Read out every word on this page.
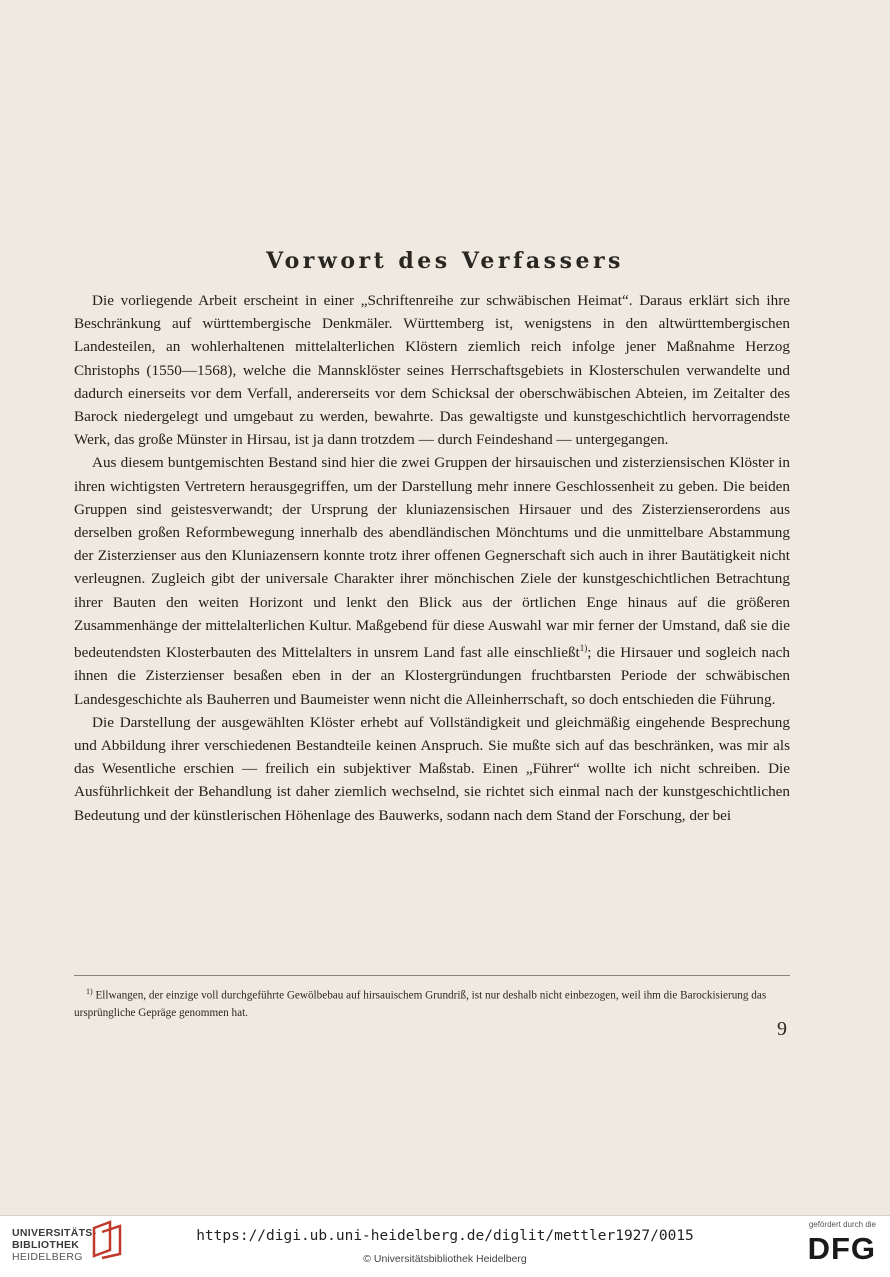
Vorwort des Verfassers

Die vorliegende Arbeit erscheint in einer „Schriftenreihe zur schwäbischen Heimat“. Daraus erklärt sich ihre Beschränkung auf württembergische Denkmäler. Württemberg ist, wenigstens in den altwürttembergischen Landesteilen, an wohlerhaltenen mittelalterlichen Klöstern ziemlich reich infolge jener Maßnahme Herzog Christophs (1550—1568), welche die Mannsklöster seines Herrschaftsgebiets in Klosterschulen verwandelte und dadurch einerseits vor dem Verfall, andererseits vor dem Schicksal der oberschwäbischen Abteien, im Zeitalter des Barock niedergelegt und umgebaut zu werden, bewahrte. Das gewaltigste und kunstgeschichtlich hervorragendste Werk, das große Münster in Hirsau, ist ja dann trotzdem — durch Feindeshand — untergegangen.

Aus diesem buntgemischten Bestand sind hier die zwei Gruppen der hirsauischen und zisterziensischen Klöster in ihren wichtigsten Vertretern herausgegriffen, um der Darstellung mehr innere Geschlossenheit zu geben. Die beiden Gruppen sind geistesverwandt; der Ursprung der kluniazensischen Hirsauer und des Zisterzienserordens aus derselben großen Reformbewegung innerhalb des abendländischen Mönchtums und die unmittelbare Abstammung der Zisterzienser aus den Kluniazensern konnte trotz ihrer offenen Gegnerschaft sich auch in ihrer Bautätigkeit nicht verleugnen. Zugleich gibt der universale Charakter ihrer mönchischen Ziele der kunstgeschichtlichen Betrachtung ihrer Bauten den weiten Horizont und lenkt den Blick aus der örtlichen Enge hinaus auf die größeren Zusammenhänge der mittelalterlichen Kultur. Maßgebend für diese Auswahl war mir ferner der Umstand, daß sie die bedeutendsten Klosterbauten des Mittelalters in unsrem Land fast alle einschließt$^{1)}$; die Hirsauer und sogleich nach ihnen die Zisterzienser besaßen eben in der an Klostergründungen fruchtbarsten Periode der schwäbischen Landesgeschichte als Bauherren und Baumeister wenn nicht die Alleinherrschaft, so doch entschieden die Führung.

Die Darstellung der ausgewählten Klöster erhebt auf Vollständigkeit und gleichmäßig eingehende Besprechung und Abbildung ihrer verschiedenen Bestandteile keinen Anspruch. Sie mußte sich auf das beschränken, was mir als das Wesentliche erschien — freilich ein subjektiver Maßstab. Einen „Führer“ wollte ich nicht schreiben. Die Ausführlichkeit der Behandlung ist daher ziemlich wechselnd, sie richtet sich einmal nach der kunstgeschichtlichen Bedeutung und der künstlerischen Höhenlage des Bauwerks, sodann nach dem Stand der Forschung, der bei

$^{1)}$ Ellwangen, der einzige voll durchgeführte Gewölbebau auf hirsauischem Grundriß, ist nur deshalb nicht einbezogen, weil ihm die Barockisierung das ursprüngliche Gepräge genommen hat.
9
UNIVERSITÄTS-
BIBLIOTHEK
HEIDELBERG
https://digi.ub.uni-heidelberg.de/diglit/mettler1927/0015
© Universitätsbibliothek Heidelberg
gefördert durch die
DFG
